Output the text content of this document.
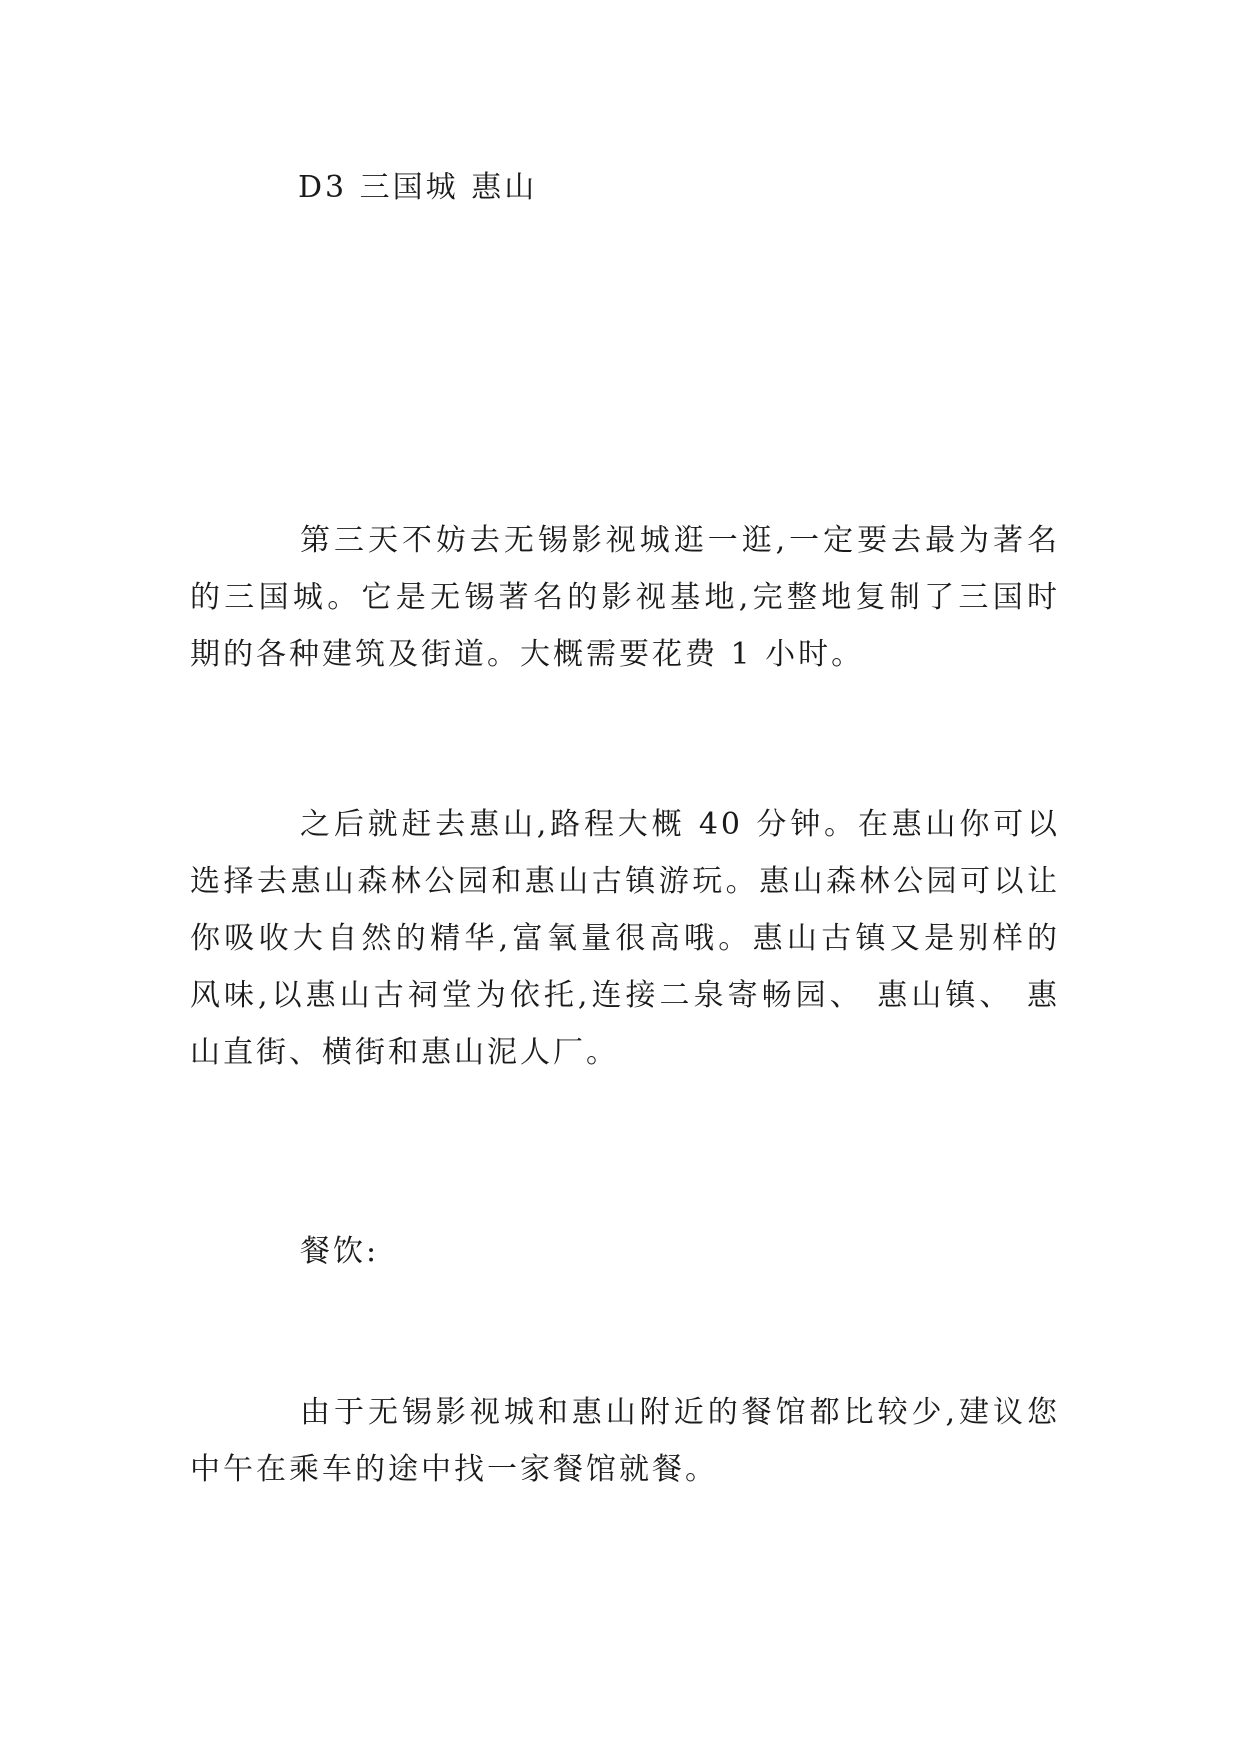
D3 三国城 惠山

第三天不妨去无锡影视城逛一逛,一定要去最为著名的三国城。它是无锡著名的影视基地,完整地复制了三国时期的各种建筑及街道。大概需要花费 1 小时。

之后就赶去惠山,路程大概 40 分钟。在惠山你可以选择去惠山森林公园和惠山古镇游玩。惠山森林公园可以让你吸收大自然的精华,富氧量很高哦。惠山古镇又是别样的风味,以惠山古祠堂为依托,连接二泉寄畅园、 惠山镇、 惠山直街、横街和惠山泥人厂。

餐饮:

由于无锡影视城和惠山附近的餐馆都比较少,建议您中午在乘车的途中找一家餐馆就餐。
